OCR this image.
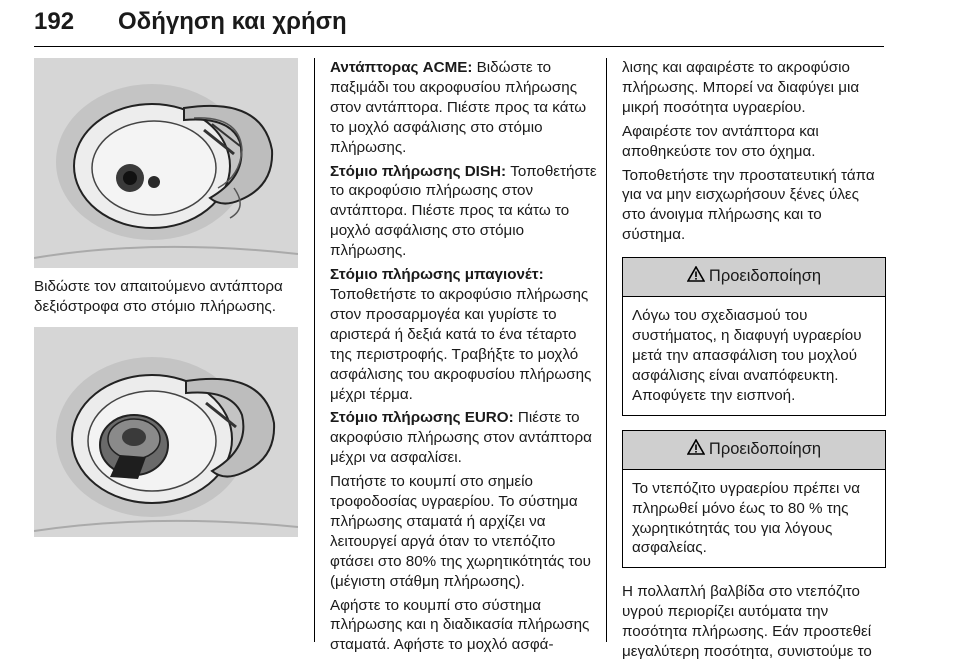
192 Οδήγηση και χρήση
Βιδώστε τον απαιτούμενο αντάπτορα δεξιόστροφα στο στόμιο πλήρωσης.

Αντάπτορας ACME: Βιδώστε το παξιμάδι του ακροφυσίου πλήρωσης στον αντάπτορα. Πιέστε προς τα κάτω το μοχλό ασφάλισης στο στόμιο πλήρωσης.

Στόμιο πλήρωσης DISH: Τοποθετήστε το ακροφύσιο πλήρωσης στον αντάπτορα. Πιέστε προς τα κάτω το μοχλό ασφάλισης στο στόμιο πλήρωσης.

Στόμιο πλήρωσης μπαγιονέτ: Τοποθετήστε το ακροφύσιο πλήρωσης στον προσαρμογέα και γυρίστε το αριστερά ή δεξιά κατά το ένα τέταρτο της περιστροφής. Τραβήξτε το μοχλό ασφάλισης του ακροφυσίου πλήρωσης μέχρι τέρμα.

Στόμιο πλήρωσης EURO: Πιέστε το ακροφύσιο πλήρωσης στον αντάπτορα μέχρι να ασφαλίσει.

Πατήστε το κουμπί στο σημείο τροφοδοσίας υγραερίου. Το σύστημα πλήρωσης σταματά ή αρχίζει να λειτουργεί αργά όταν το ντεπόζιτο φτάσει στο 80% της χωρητικότητάς του (μέγιστη στάθμη πλήρωσης).

Αφήστε το κουμπί στο σύστημα πλήρωσης και η διαδικασία πλήρωσης σταματά. Αφήστε το μοχλό ασφά-

λισης και αφαιρέστε το ακροφύσιο πλήρωσης. Μπορεί να διαφύγει μια μικρή ποσότητα υγραερίου.

Αφαιρέστε τον αντάπτορα και αποθηκεύστε τον στο όχημα.

Τοποθετήστε την προστατευτική τάπα για να μην εισχωρήσουν ξένες ύλες στο άνοιγμα πλήρωσης και το σύστημα.

Προειδοποίηση
Λόγω του σχεδιασμού του συστήματος, η διαφυγή υγραερίου μετά την απασφάλιση του μοχλού ασφάλισης είναι αναπόφευκτη. Αποφύγετε την εισπνοή.
Προειδοποίηση
Το ντεπόζιτο υγραερίου πρέπει να πληρωθεί μόνο έως το 80 % της χωρητικότητάς του για λόγους ασφαλείας.

Η πολλαπλή βαλβίδα στο ντεπόζιτο υγρού περιορίζει αυτόματα την ποσότητα πλήρωσης. Εάν προστεθεί μεγαλύτερη ποσότητα, συνιστούμε το
